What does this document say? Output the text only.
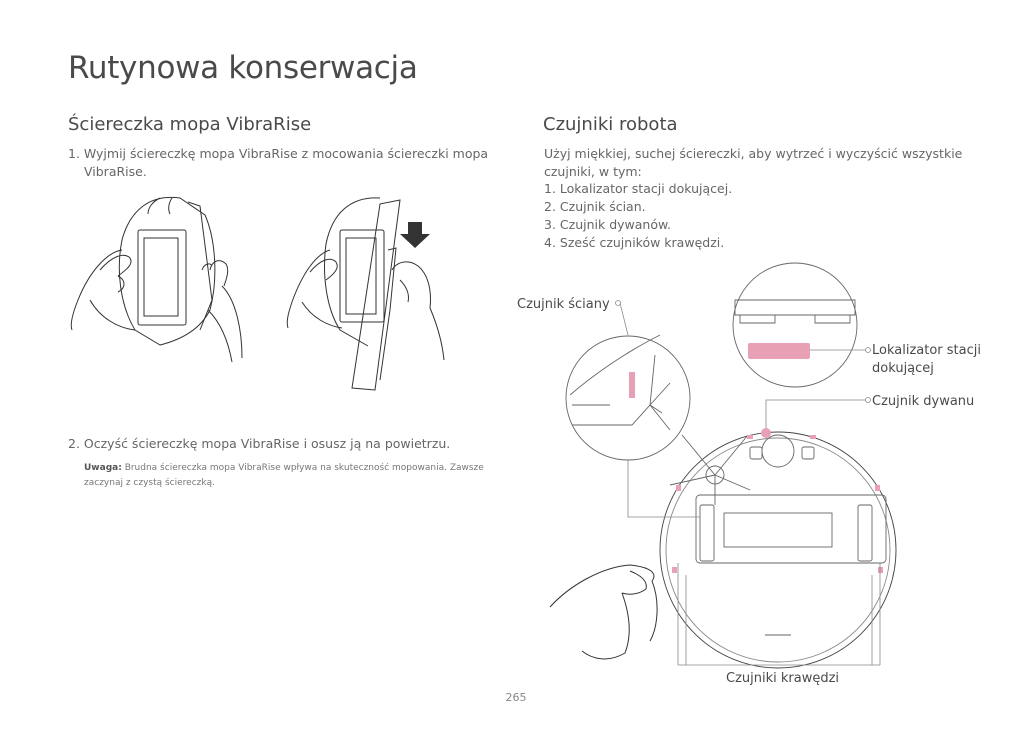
Rutynowa konserwacja
Ściereczka mopa VibraRise	Czujniki robota

1. Wyjmij ściereczkę mopa VibraRise z mocowania ściereczki mopa

VibraRise.

2. Oczyść ściereczkę mopa VibraRise i osusz ją na powietrzu.

Uwaga: Brudna ściereczka mopa VibraRise wpływa na skuteczność mopowania. Zawsze
zaczynaj z czystą ściereczką.

Użyj miękkiej, suchej ściereczki, aby wytrzeć i wyczyścić wszystkie

czujniki, w tym:

1. Lokalizator stacji dokującej.
2. Czujnik ścian.
3. Czujnik dywanów.
4. Sześć czujników krawędzi.
Czujnik ściany
Lokalizator stacji
dokującej
Czujnik dywanu
Czujniki krawędzi
265
